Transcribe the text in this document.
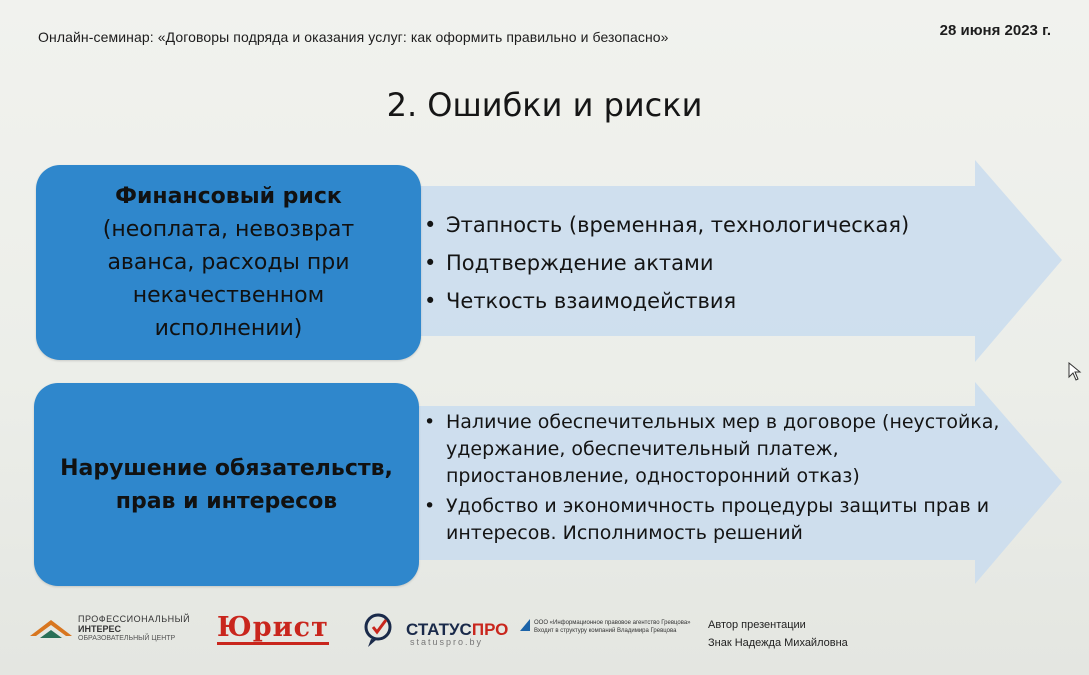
Онлайн-семинар: «Договоры подряда и оказания услуг: как оформить правильно и безопасно»	28 июня 2023 г.
2. Ошибки и риски
Финансовый риск
(неоплата, невозврат аванса, расходы при некачественном исполнении)
• Этапность (временная, технологическая)
• Подтверждение актами
• Четкость взаимодействия
Нарушение обязательств, прав и интересов
• Наличие обеспечительных мер в договоре (неустойка, удержание, обеспечительный платеж, приостановление, односторонний отказ)
• Удобство и экономичность процедуры защиты прав и интересов. Исполнимость решений
ПРОФЕССИОНАЛЬНЫЙ
ИНТЕРЕС
ОБРАЗОВАТЕЛЬНЫЙ ЦЕНТР	Юрист	СТАТУСПРО
statuspro.by
ООО «Информационное правовое агентство Гревцова»
Входит в структуру компаний Владимира Гревцова	Автор презентации
Знак Надежда Михайловна
